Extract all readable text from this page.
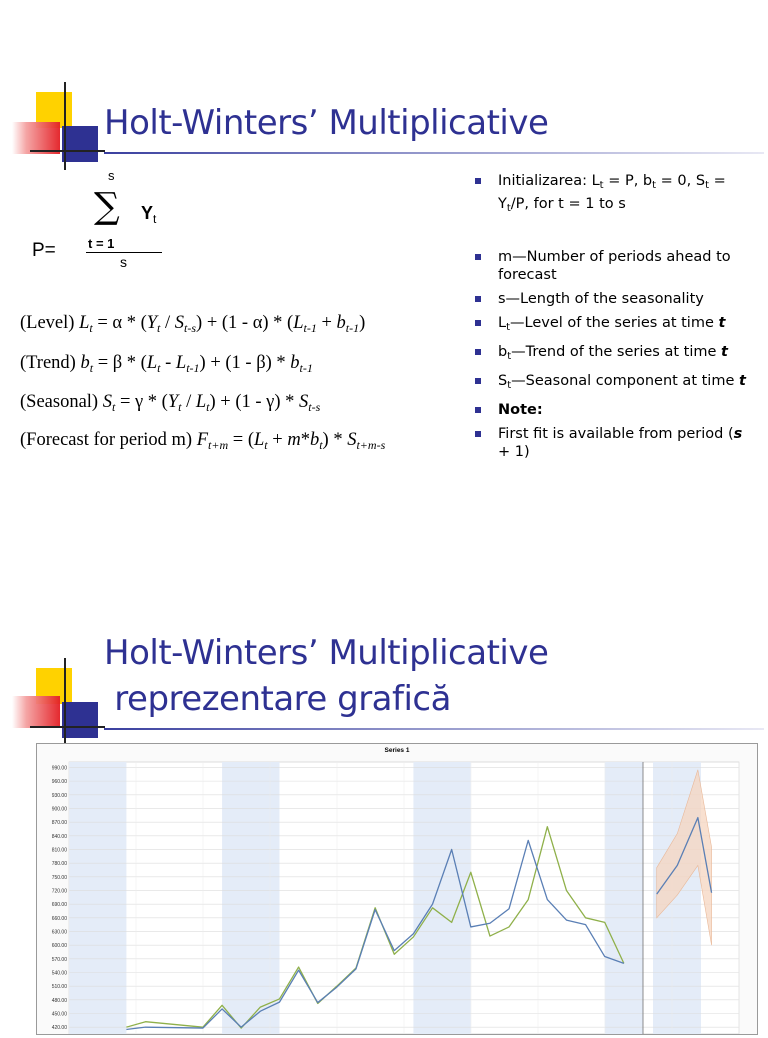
Holt-Winters’ Multiplicative
P=
s
∑ $Y_t$
t = 1
s
(Level) $L_t = \alpha * (Y_t / S_{t-s}) + (1 - \alpha) * (L_{t-1} + b_{t-1})$
(Trend) $b_t = \beta * (L_t - L_{t-1}) + (1 - \beta) * b_{t-1}$
(Seasonal) $S_t = \gamma * (Y_t / L_t) + (1 - \gamma) * S_{t-s}$
(Forecast for period m) $F_{t+m} = (L_t + m*b_t) * S_{t+m-s}$
Initializarea: $L_t = P$, $b_t = 0$, $S_t = Y_t/P$, for t = 1 to s
m—Number of periods ahead to forecast
s—Length of the seasonality
$L_t—Level$ of the series at time t
$b_t—Trend$ of the series at time t
$S_t—Seasonal$ component at time t
Note:
First fit is available from period (s + 1)
Holt-Winters’ Multiplicative
reprezentare grafică
Series 1
990.00
960.00
930.00
900.00
870.00
840.00
810.00
780.00
750.00
720.00
690.00
660.00
630.00
600.00
570.00
540.00
510.00
480.00
450.00
420.00
